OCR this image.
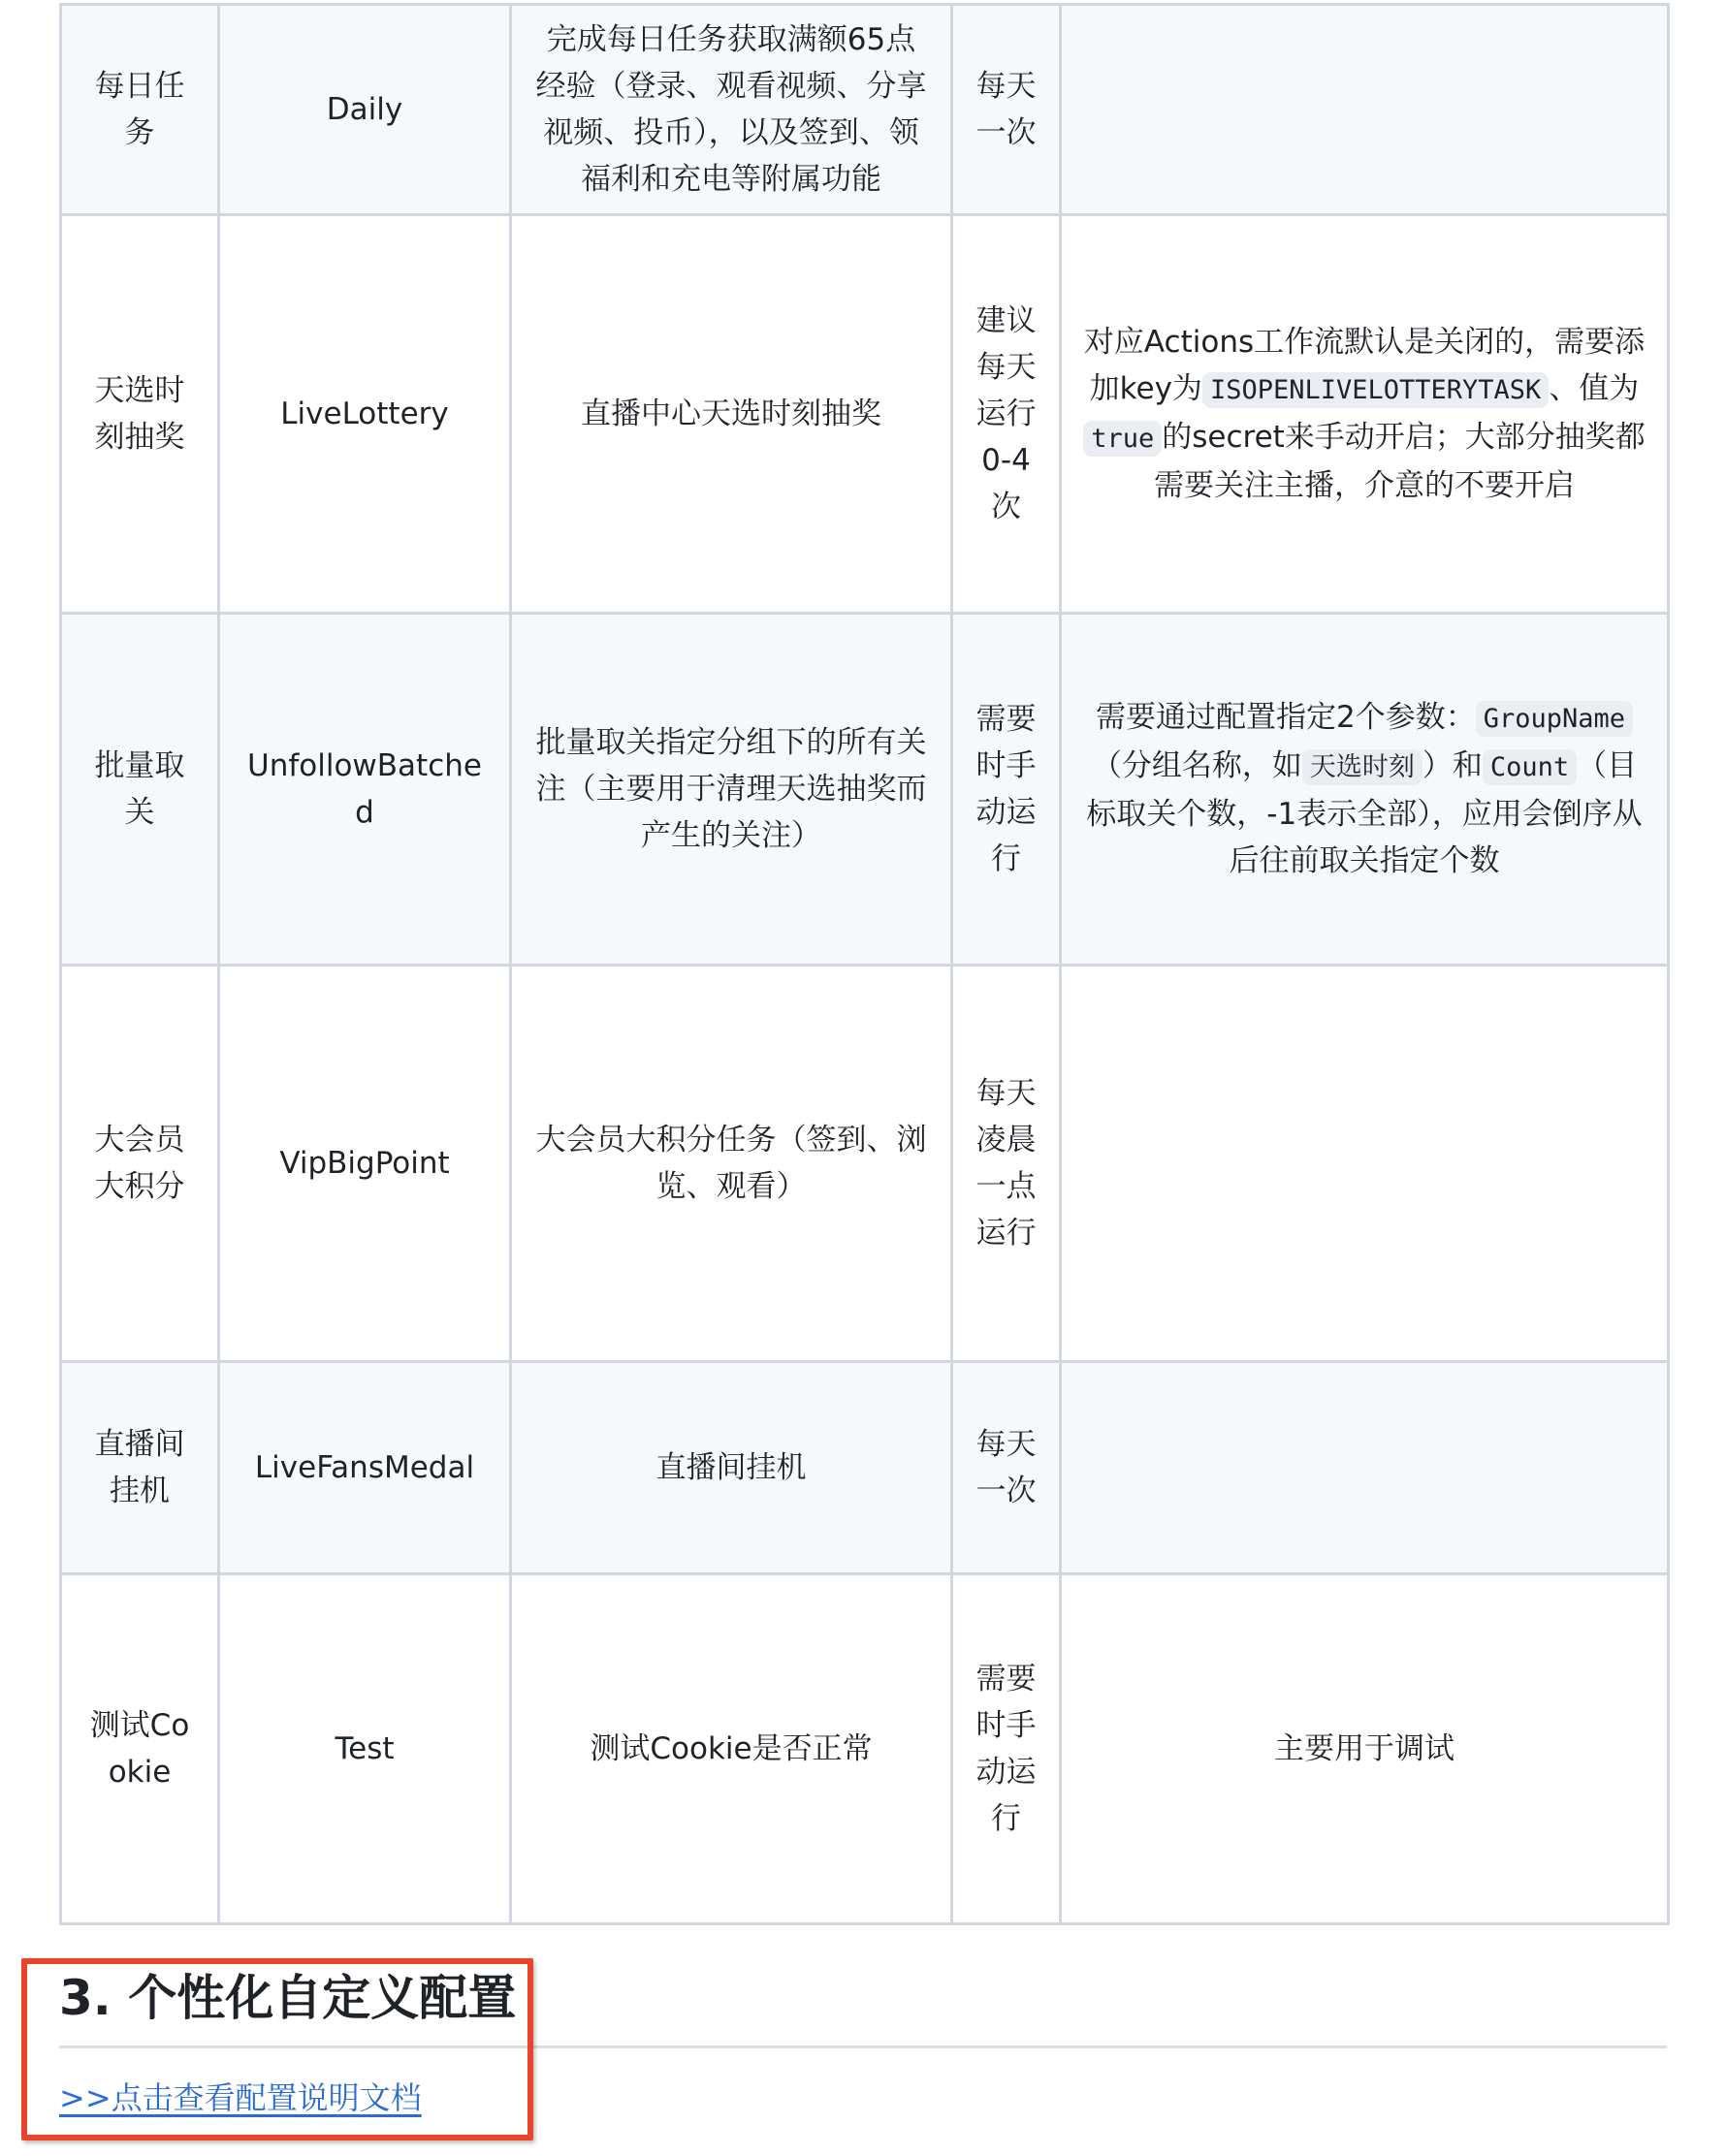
每日任务	Daily	完成每日任务获取满额65点经验（登录、观看视频、分享视频、投币），以及签到、领福利和充电等附属功能	每天一次	
天选时刻抽奖	LiveLottery	直播中心天选时刻抽奖	建议每天运行0-4次	对应Actions工作流默认是关闭的，需要添加key为 ISOPENLIVELOTTERYTASK 、值为true 的secret来手动开启；大部分抽奖都需要关注主播，介意的不要开启
批量取关	UnfollowBatched	批量取关指定分组下的所有关注（主要用于清理天选抽奖而产生的关注）	需要时手动运行	需要通过配置指定2个参数： GroupName（分组名称，如 天选时刻 ）和 Count （目标取关个数，-1表示全部），应用会倒序从后往前取关指定个数
大会员大积分	VipBigPoint	大会员大积分任务（签到、浏览、观看）	每天凌晨一点运行	
直播间挂机	LiveFansMedal	直播间挂机	每天一次	
测试Cookie	Test	测试Cookie是否正常	需要时手动运行	主要用于调试
3. 个性化自定义配置
>>点击查看配置说明文档
